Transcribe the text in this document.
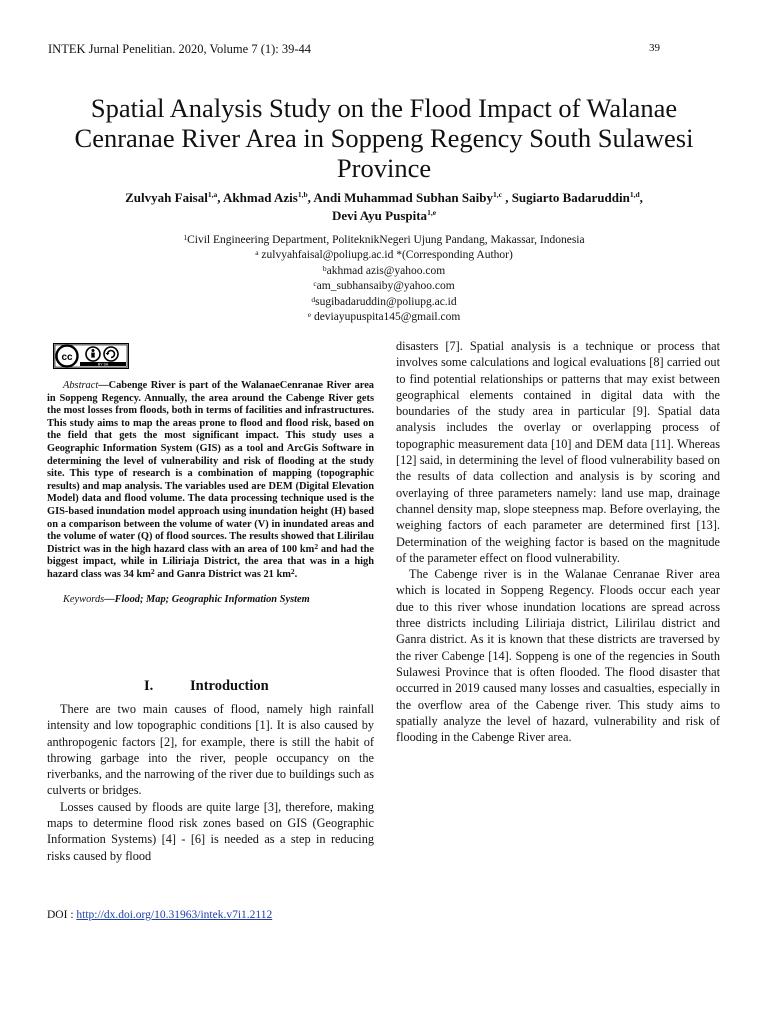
INTEK Jurnal Penelitian. 2020, Volume 7 (1): 39-44	39
Spatial Analysis Study on the Flood Impact of Walanae Cenranae River Area in Soppeng Regency South Sulawesi Province
Zulvyah Faisal$^{1,a}$, Akhmad Azis$^{1,b}$, Andi Muhammad Subhan Saiby$^{1,c}$ , Sugiarto Badaruddin$^{1,d}$,
Devi Ayu Puspita$^{1,e}$
$^1$Civil Engineering Department, PoliteknikNegeri Ujung Pandang, Makassar, Indonesia
$^a$ zulvyahfaisal@poliupg.ac.id *(Corresponding Author)
$^b$akhmad azis@yahoo.com
$^c$am_subhansaiby@yahoo.com
$^d$sugibadaruddin@poliupg.ac.id
$^e$ deviayupuspita145@gmail.com
cc
BY SA

Abstract—Cabenge River is part of the WalanaeCenranae River area in Soppeng Regency. Annually, the area around the Cabenge River gets the most losses from floods, both in terms of facilities and infrastructures. This study aims to map the areas prone to flood and flood risk, based on the field that gets the most significant impact. This study uses a Geographic Information System (GIS) as a tool and ArcGis Software in determining the level of vulnerability and risk of flooding at the study site. This type of research is a combination of mapping (topographic results) and map analysis. The variables used are DEM (Digital Elevation Model) data and flood volume. The data processing technique used is the GIS-based inundation model approach using inundation height (H) based on a comparison between the volume of water (V) in inundated areas and the volume of water (Q) of flood sources. The results showed that Lilirilau District was in the high hazard class with an area of 100 $km^2$ and had the biggest impact, while in Liliriaja District, the area that was in a high hazard class was 34 $km^2$ and Ganra District was 21 $km^2$.

Keywords—Flood; Map; Geographic Information System

I.	Introduction

There are two main causes of flood, namely high rainfall intensity and low topographic conditions [1]. It is also caused by anthropogenic factors [2], for example, there is still the habit of throwing garbage into the river, people occupancy on the riverbanks, and the narrowing of the river due to buildings such as culverts or bridges.

Losses caused by floods are quite large [3], therefore, making maps to determine flood risk zones based on GIS (Geographic Information Systems) [4] - [6] is needed as a step in reducing risks caused by flood

disasters [7]. Spatial analysis is a technique or process that involves some calculations and logical evaluations [8] carried out to find potential relationships or patterns that may exist between geographical elements contained in digital data with the boundaries of the study area in particular [9]. Spatial data analysis includes the overlay or overlapping process of topographic measurement data [10] and DEM data [11]. Whereas [12] said, in determining the level of flood vulnerability based on the results of data collection and analysis is by scoring and overlaying of three parameters namely: land use map, drainage channel density map, slope steepness map. Before overlaying, the weighing factors of each parameter are determined first [13]. Determination of the weighing factor is based on the magnitude of the parameter effect on flood vulnerability.

The Cabenge river is in the Walanae Cenranae River area which is located in Soppeng Regency. Floods occur each year due to this river whose inundation locations are spread across three districts including Liliriaja district, Lilirilau district and Ganra district. As it is known that these districts are traversed by the river Cabenge [14]. Soppeng is one of the regencies in South Sulawesi Province that is often flooded. The flood disaster that occurred in 2019 caused many losses and casualties, especially in the overflow area of the Cabenge river. This study aims to spatially analyze the level of hazard, vulnerability and risk of flooding in the Cabenge River area.

DOI : http://dx.doi.org/10.31963/intek.v7i1.2112
